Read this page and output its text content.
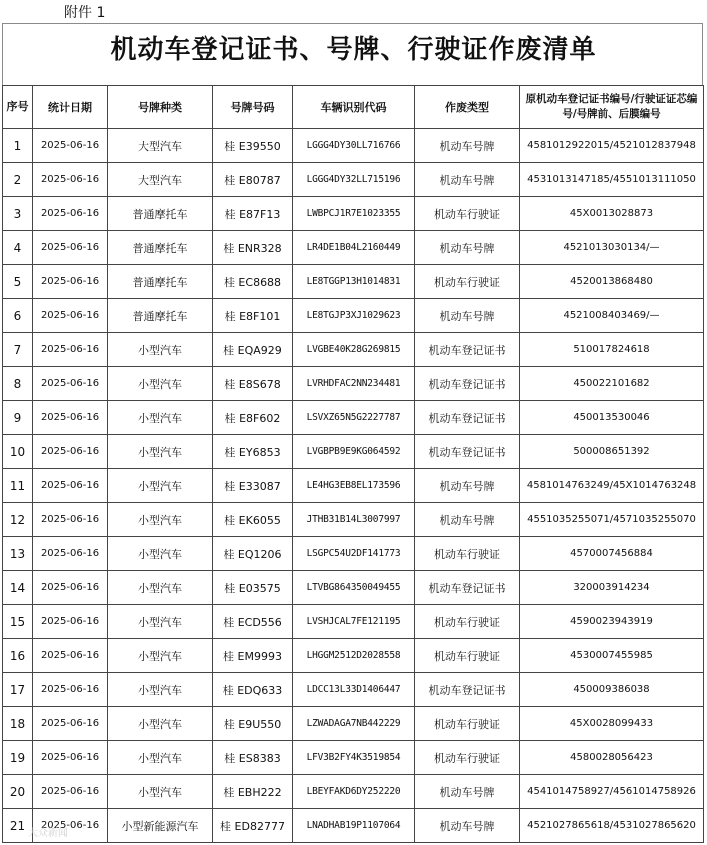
附件 1
机动车登记证书、号牌、行驶证作废清单
序号	统计日期	号牌种类	号牌号码	车辆识别代码	作废类型	原机动车登记证书编号/行驶证证芯编号/号牌前、后膜编号
1	2025-06-16	大型汽车	桂 E39550	LGGG4DY30LL716766	机动车号牌	4581012922015/4521012837948
2	2025-06-16	大型汽车	桂 E80787	LGGG4DY32LL715196	机动车号牌	4531013147185/4551013111050
3	2025-06-16	普通摩托车	桂 E87F13	LWBPCJ1R7E1023355	机动车行驶证	45X0013028873
4	2025-06-16	普通摩托车	桂 ENR328	LR4DE1B04L2160449	机动车号牌	4521013030134/—
5	2025-06-16	普通摩托车	桂 EC8688	LE8TGGP13H1014831	机动车行驶证	4520013868480
6	2025-06-16	普通摩托车	桂 E8F101	LE8TGJP3XJ1029623	机动车号牌	4521008403469/—
7	2025-06-16	小型汽车	桂 EQA929	LVGBE40K28G269815	机动车登记证书	510017824618
8	2025-06-16	小型汽车	桂 E8S678	LVRHDFAC2NN234481	机动车登记证书	450022101682
9	2025-06-16	小型汽车	桂 E8F602	LSVXZ65N5G2227787	机动车登记证书	450013530046
10	2025-06-16	小型汽车	桂 EY6853	LVGBPB9E9KG064592	机动车登记证书	500008651392
11	2025-06-16	小型汽车	桂 E33087	LE4HG3EB8EL173596	机动车号牌	4581014763249/45X1014763248
12	2025-06-16	小型汽车	桂 EK6055	JTHB31B14L3007997	机动车号牌	4551035255071/4571035255070
13	2025-06-16	小型汽车	桂 EQ1206	LSGPC54U2DF141773	机动车行驶证	4570007456884
14	2025-06-16	小型汽车	桂 E03575	LTVBG864350049455	机动车登记证书	320003914234
15	2025-06-16	小型汽车	桂 ECD556	LVSHJCAL7FE121195	机动车行驶证	4590023943919
16	2025-06-16	小型汽车	桂 EM9993	LHGGM2512D2028558	机动车行驶证	4530007455985
17	2025-06-16	小型汽车	桂 EDQ633	LDCC13L33D1406447	机动车登记证书	450009386038
18	2025-06-16	小型汽车	桂 E9U550	LZWADAGA7NB442229	机动车行驶证	45X0028099433
19	2025-06-16	小型汽车	桂 ES8383	LFV3B2FY4K3519854	机动车行驶证	4580028056423
20	2025-06-16	小型汽车	桂 EBH222	LBEYFAKD6DY252220	机动车号牌	4541014758927/4561014758926
21	2025-06-16	小型新能源汽车	桂 ED82777	LNADHAB19P1107064	机动车号牌	4521027865618/4531027865620
大众新闻
